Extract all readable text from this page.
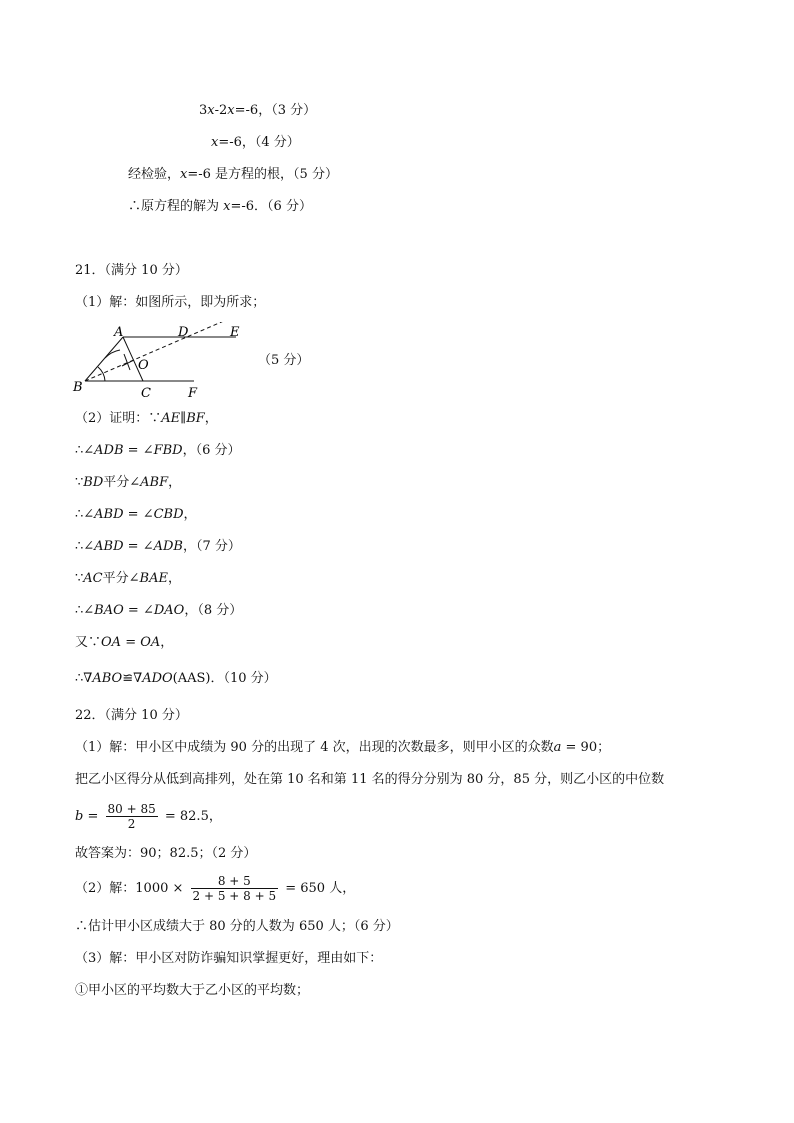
3x-2x=-6，（3 分）
x=-6，（4 分）
经检验，x=-6 是方程的根，（5 分）
∴原方程的解为 x=-6．（6 分）
21．（满分 10 分）
（1）解：如图所示，即为所求；
A	D	E
O
B	C	F
（5 分）
（2）证明：∵AE∥BF，
∴∠ADB = ∠FBD，（6 分）
∵BD平分∠ABF，
∴∠ABD = ∠CBD，
∴∠ABD = ∠ADB，（7 分）
∵AC平分∠BAE，
∴∠BAO = ∠DAO，（8 分）
又∵OA = OA，
∴∇ABO≌∇ADO(AAS)．（10 分）
22．（满分 10 分）
（1）解：甲小区中成绩为 90 分的出现了 4 次，出现的次数最多，则甲小区的众数a = 90；
把乙小区得分从低到高排列，处在第 10 名和第 11 名的得分分别为 80 分，85 分，则乙小区的中位数
$b = \frac{80 + 85}{2} = 82.5$，
故答案为：90；82.5；（2 分）
（2）解：$1000 \times \frac{8 + 5}{2 + 5 + 8 + 5} = 650$ 人，
∴估计甲小区成绩大于 80 分的人数为 650 人；（6 分）
（3）解：甲小区对防诈骗知识掌握更好，理由如下：
①甲小区的平均数大于乙小区的平均数；
